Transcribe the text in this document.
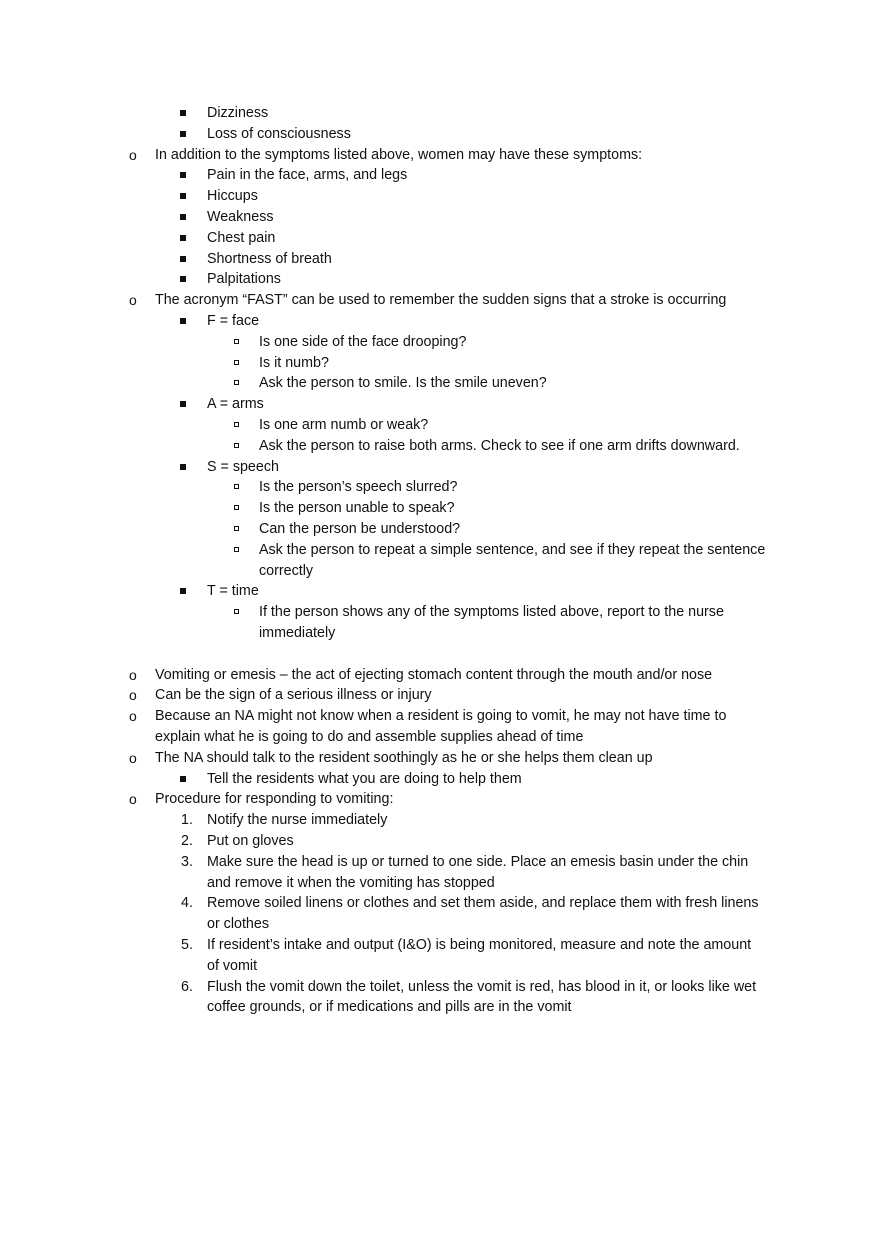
Dizziness
Loss of consciousness
o In addition to the symptoms listed above, women may have these symptoms:
Pain in the face, arms, and legs
Hiccups
Weakness
Chest pain
Shortness of breath
Palpitations
o The acronym “FAST” can be used to remember the sudden signs that a stroke is occurring
F = face
Is one side of the face drooping?
Is it numb?
Ask the person to smile. Is the smile uneven?
A = arms
Is one arm numb or weak?
Ask the person to raise both arms. Check to see if one arm drifts downward.
S = speech
Is the person’s speech slurred?
Is the person unable to speak?
Can the person be understood?
Ask the person to repeat a simple sentence, and see if they repeat the sentence
correctly
T = time
If the person shows any of the symptoms listed above, report to the nurse
immediately
o Vomiting or emesis – the act of ejecting stomach content through the mouth and/or nose
o Can be the sign of a serious illness or injury
o Because an NA might not know when a resident is going to vomit, he may not have time to
explain what he is going to do and assemble supplies ahead of time
o The NA should talk to the resident soothingly as he or she helps them clean up
Tell the residents what you are doing to help them
o Procedure for responding to vomiting:
1. Notify the nurse immediately
2. Put on gloves
3. Make sure the head is up or turned to one side. Place an emesis basin under the chin
and remove it when the vomiting has stopped
4. Remove soiled linens or clothes and set them aside, and replace them with fresh linens
or clothes
5. If resident’s intake and output (I&O) is being monitored, measure and note the amount
of vomit
6. Flush the vomit down the toilet, unless the vomit is red, has blood in it, or looks like wet
coffee grounds, or if medications and pills are in the vomit
